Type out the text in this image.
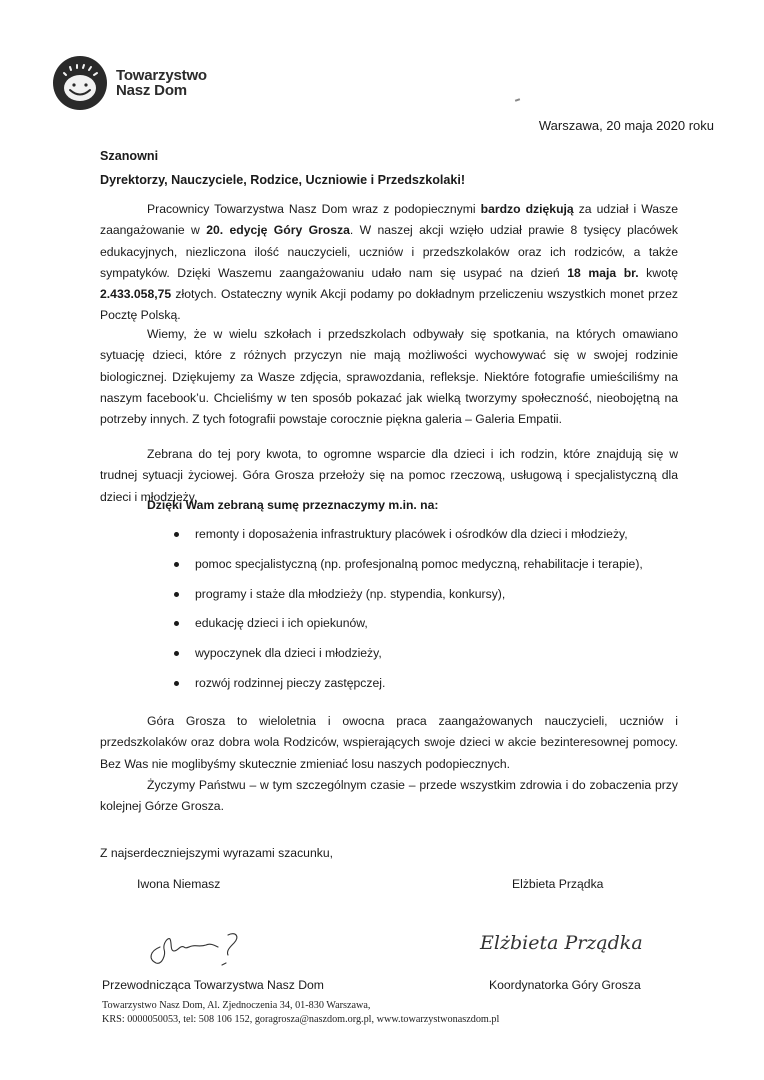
Towarzystwo
Nasz Dom
Warszawa, 20 maja 2020 roku
Szanowni
Dyrektorzy, Nauczyciele, Rodzice, Uczniowie i Przedszkolaki!

Pracownicy Towarzystwa Nasz Dom wraz z podopiecznymi bardzo dziękują za udział i Wasze zaangażowanie w 20. edycję Góry Grosza. W naszej akcji wzięło udział prawie 8 tysięcy placówek edukacyjnych, niezliczona ilość nauczycieli, uczniów i przedszkolaków oraz ich rodziców, a także sympatyków. Dzięki Waszemu zaangażowaniu udało nam się usypać na dzień 18 maja br. kwotę 2.433.058,75 złotych. Ostateczny wynik Akcji podamy po dokładnym przeliczeniu wszystkich monet przez Pocztę Polską.

Wiemy, że w wielu szkołach i przedszkolach odbywały się spotkania, na których omawiano sytuację dzieci, które z różnych przyczyn nie mają możliwości wychowywać się w swojej rodzinie biologicznej. Dziękujemy za Wasze zdjęcia, sprawozdania, refleksje. Niektóre fotografie umieściliśmy na naszym facebook’u. Chcieliśmy w ten sposób pokazać jak wielką tworzymy społeczność, nieobojętną na potrzeby innych. Z tych fotografii powstaje corocznie piękna galeria – Galeria Empatii.

Zebrana do tej pory kwota, to ogromne wsparcie dla dzieci i ich rodzin, które znajdują się w trudnej sytuacji życiowej. Góra Grosza przełoży się na pomoc rzeczową, usługową i specjalistyczną dla dzieci i młodzieży.

Dzięki Wam zebraną sumę przeznaczymy m.in. na:

remonty i doposażenia infrastruktury placówek i ośrodków dla dzieci i młodzieży,
pomoc specjalistyczną (np. profesjonalną pomoc medyczną, rehabilitacje i terapie),
programy i staże dla młodzieży (np. stypendia, konkursy),
edukację dzieci i ich opiekunów,
wypoczynek dla dzieci i młodzieży,
rozwój rodzinnej pieczy zastępczej.

Góra Grosza to wieloletnia i owocna praca zaangażowanych nauczycieli, uczniów i przedszkolaków oraz dobra wola Rodziców, wspierających swoje dzieci w akcie bezinteresownej pomocy. Bez Was nie moglibyśmy skutecznie zmieniać losu naszych podopiecznych.

Życzymy Państwu – w tym szczególnym czasie – przede wszystkim zdrowia i do zobaczenia przy kolejnej Górze Grosza.

Z najserdeczniejszymi wyrazami szacunku,
Iwona Niemasz	Elżbieta Prządka
Elżbieta Prządka
Przewodnicząca Towarzystwa Nasz Dom	Koordynatorka Góry Grosza
Towarzystwo Nasz Dom, Al. Zjednoczenia 34, 01-830 Warszawa,
KRS: 0000050053, tel: 508 106 152, goragrosza@naszdom.org.pl, www.towarzystwonaszdom.pl
